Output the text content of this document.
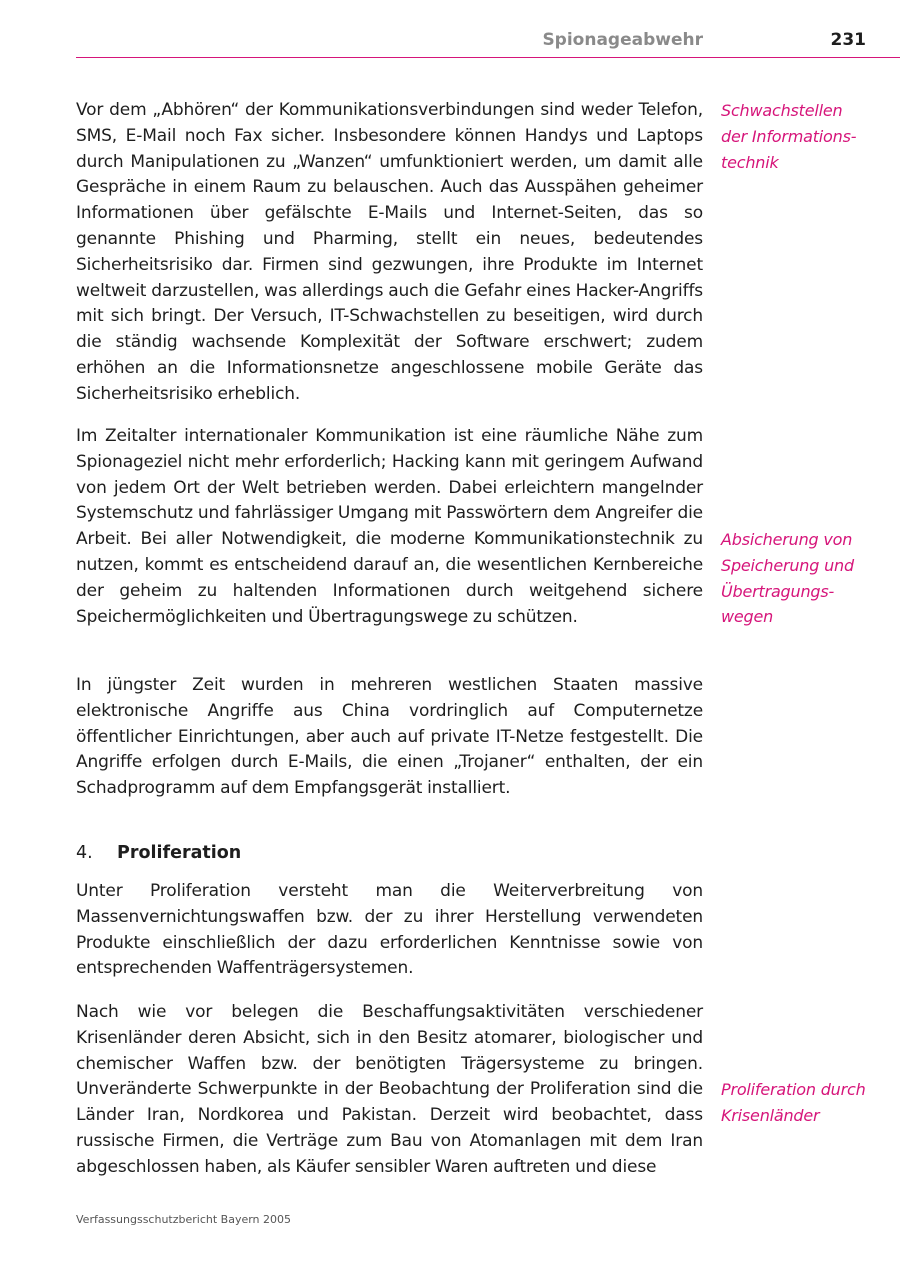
Spionageabwehr	231

Vor dem „Abhören“ der Kommunikationsverbindungen sind weder Telefon, SMS, E-Mail noch Fax sicher. Insbesondere können Handys und Laptops durch Manipulationen zu „Wanzen“ umfunktioniert werden, um damit alle Gespräche in einem Raum zu belauschen. Auch das Ausspähen geheimer Informationen über gefälschte E-Mails und Internet-Seiten, das so genannte Phishing und Pharming, stellt ein neues, bedeutendes Sicherheitsrisiko dar. Firmen sind gezwungen, ihre Produkte im Internet weltweit darzustellen, was allerdings auch die Gefahr eines Hacker-Angriffs mit sich bringt. Der Versuch, IT-Schwachstellen zu beseitigen, wird durch die ständig wachsende Komplexität der Software erschwert; zudem erhöhen an die Informationsnetze angeschlossene mobile Geräte das Sicherheitsrisiko erheblich.

Schwachstellen der Informationstechnik

Im Zeitalter internationaler Kommunikation ist eine räumliche Nähe zum Spionageziel nicht mehr erforderlich; Hacking kann mit geringem Aufwand von jedem Ort der Welt betrieben werden. Dabei erleichtern mangelnder Systemschutz und fahrlässiger Umgang mit Passwörtern dem Angreifer die Arbeit. Bei aller Notwendigkeit, die moderne Kommunikationstechnik zu nutzen, kommt es entscheidend darauf an, die wesentlichen Kernbereiche der geheim zu haltenden Informationen durch weitgehend sichere Speichermöglichkeiten und Übertragungswege zu schützen.

Absicherung von Speicherung und Übertragungswegen

In jüngster Zeit wurden in mehreren westlichen Staaten massive elektronische Angriffe aus China vordringlich auf Computernetze öffentlicher Einrichtungen, aber auch auf private IT-Netze festgestellt. Die Angriffe erfolgen durch E-Mails, die einen „Trojaner“ enthalten, der ein Schadprogramm auf dem Empfangsgerät installiert.

4. Proliferation

Unter Proliferation versteht man die Weiterverbreitung von Massenvernichtungswaffen bzw. der zu ihrer Herstellung verwendeten Produkte einschließlich der dazu erforderlichen Kenntnisse sowie von entsprechenden Waffenträgersystemen.

Nach wie vor belegen die Beschaffungsaktivitäten verschiedener Krisenländer deren Absicht, sich in den Besitz atomarer, biologischer und chemischer Waffen bzw. der benötigten Trägersysteme zu bringen. Unveränderte Schwerpunkte in der Beobachtung der Proliferation sind die Länder Iran, Nordkorea und Pakistan. Derzeit wird beobachtet, dass russische Firmen, die Verträge zum Bau von Atomanlagen mit dem Iran abgeschlossen haben, als Käufer sensibler Waren auftreten und diese

Proliferation durch Krisenländer

Verfassungsschutzbericht Bayern 2005
